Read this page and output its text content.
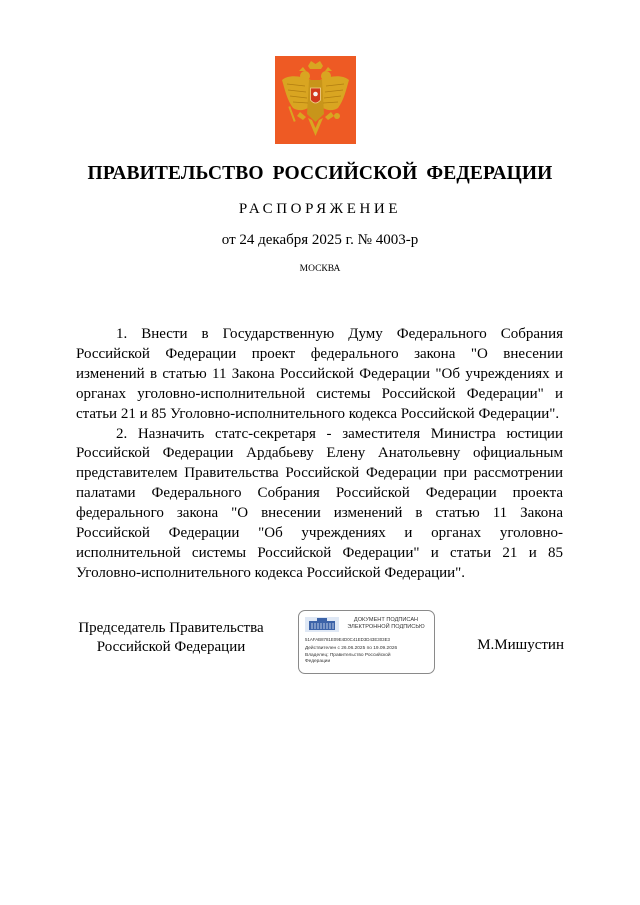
ПРАВИТЕЛЬСТВО РОССИЙСКОЙ ФЕДЕРАЦИИ
РАСПОРЯЖЕНИЕ
от 24 декабря 2025 г. № 4003-р
МОСКВА

1. Внести в Государственную Думу Федерального Собрания Российской Федерации проект федерального закона "О внесении изменений в статью 11 Закона Российской Федерации "Об учреждениях и органах уголовно-исполнительной системы Российской Федерации" и статьи 21 и 85 Уголовно-исполнительного кодекса Российской Федерации".

2. Назначить статс-секретаря - заместителя Министра юстиции Российской Федерации Ардабьеву Елену Анатольевну официальным представителем Правительства Российской Федерации при рассмотрении палатами Федерального Собрания Российской Федерации проекта федерального закона "О внесении изменений в статью 11 Закона Российской Федерации "Об учреждениях и органах уголовно-исполнительной системы Российской Федерации" и статьи 21 и 85 Уголовно-исполнительного кодекса Российской Федерации".

Председатель Правительства
Российской Федерации
ДОКУМЕНТ ПОДПИСАН
ЭЛЕКТРОННОЙ ПОДПИСЬЮ
51AFAB8781E09E4D0C41ED3D43E303E3
Действителен с 26.06.2025 по 19.09.2026
Владелец: Правительство Российской
Федерации
М.Мишустин
